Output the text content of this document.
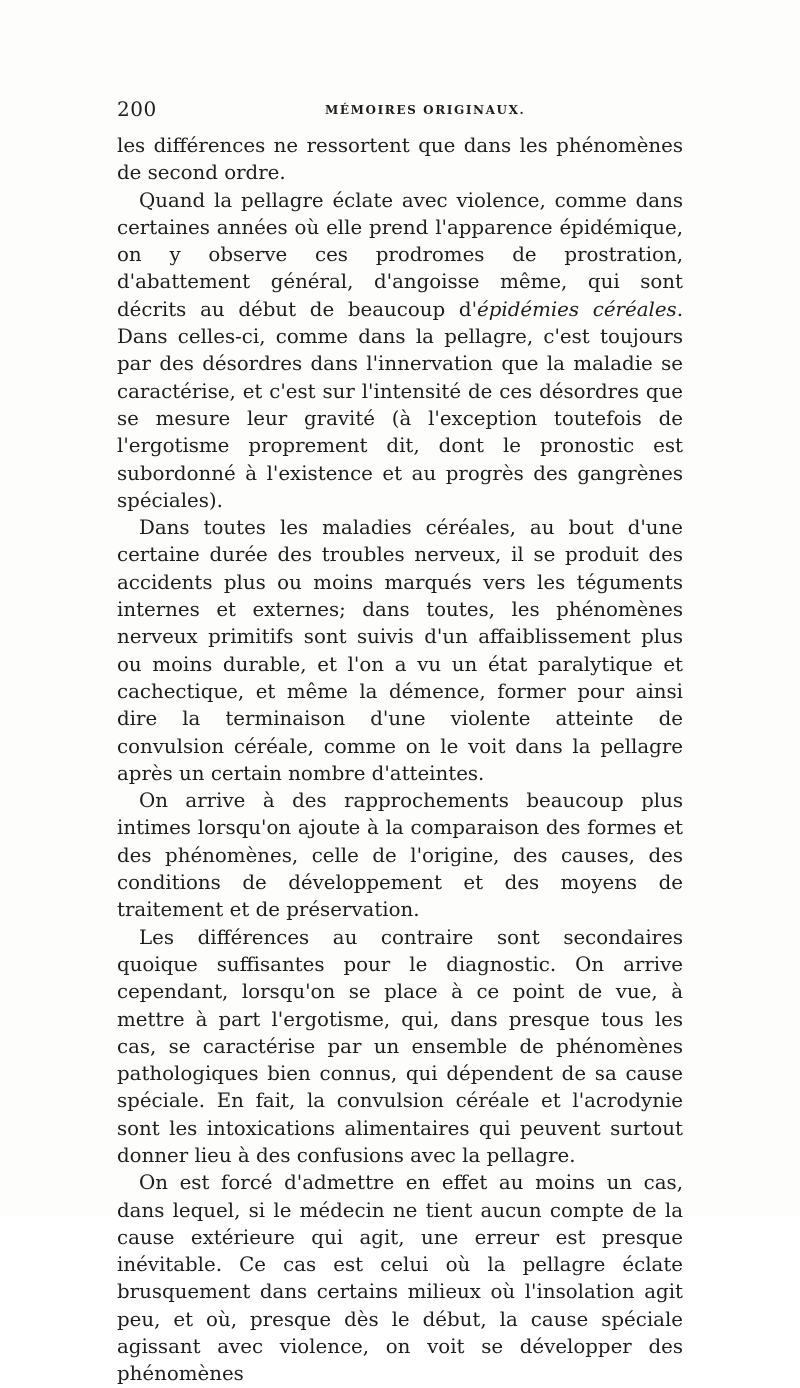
200	MÉMOIRES ORIGINAUX.

les différences ne ressortent que dans les phénomènes de second ordre.

Quand la pellagre éclate avec violence, comme dans certaines années où elle prend l'apparence épidémique, on y observe ces prodromes de prostration, d'abattement général, d'angoisse même, qui sont décrits au début de beaucoup d'épidémies céréales. Dans celles-ci, comme dans la pellagre, c'est toujours par des désordres dans l'innervation que la maladie se caractérise, et c'est sur l'intensité de ces désordres que se mesure leur gravité (à l'exception toutefois de l'ergotisme proprement dit, dont le pronostic est subordonné à l'existence et au progrès des gangrènes spéciales).

Dans toutes les maladies céréales, au bout d'une certaine durée des troubles nerveux, il se produit des accidents plus ou moins marqués vers les téguments internes et externes; dans toutes, les phénomènes nerveux primitifs sont suivis d'un affaiblissement plus ou moins durable, et l'on a vu un état paralytique et cachectique, et même la démence, former pour ainsi dire la terminaison d'une violente atteinte de convulsion céréale, comme on le voit dans la pellagre après un certain nombre d'atteintes.

On arrive à des rapprochements beaucoup plus intimes lorsqu'on ajoute à la comparaison des formes et des phénomènes, celle de l'origine, des causes, des conditions de développement et des moyens de traitement et de préservation.

Les différences au contraire sont secondaires quoique suffisantes pour le diagnostic. On arrive cependant, lorsqu'on se place à ce point de vue, à mettre à part l'ergotisme, qui, dans presque tous les cas, se caractérise par un ensemble de phénomènes pathologiques bien connus, qui dépendent de sa cause spéciale. En fait, la convulsion céréale et l'acrodynie sont les intoxications alimentaires qui peuvent surtout donner lieu à des confusions avec la pellagre.

On est forcé d'admettre en effet au moins un cas, dans lequel, si le médecin ne tient aucun compte de la cause extérieure qui agit, une erreur est presque inévitable. Ce cas est celui où la pellagre éclate brusquement dans certains milieux où l'insolation agit peu, et où, presque dès le début, la cause spéciale agissant avec violence, on voit se développer des phénomènes
